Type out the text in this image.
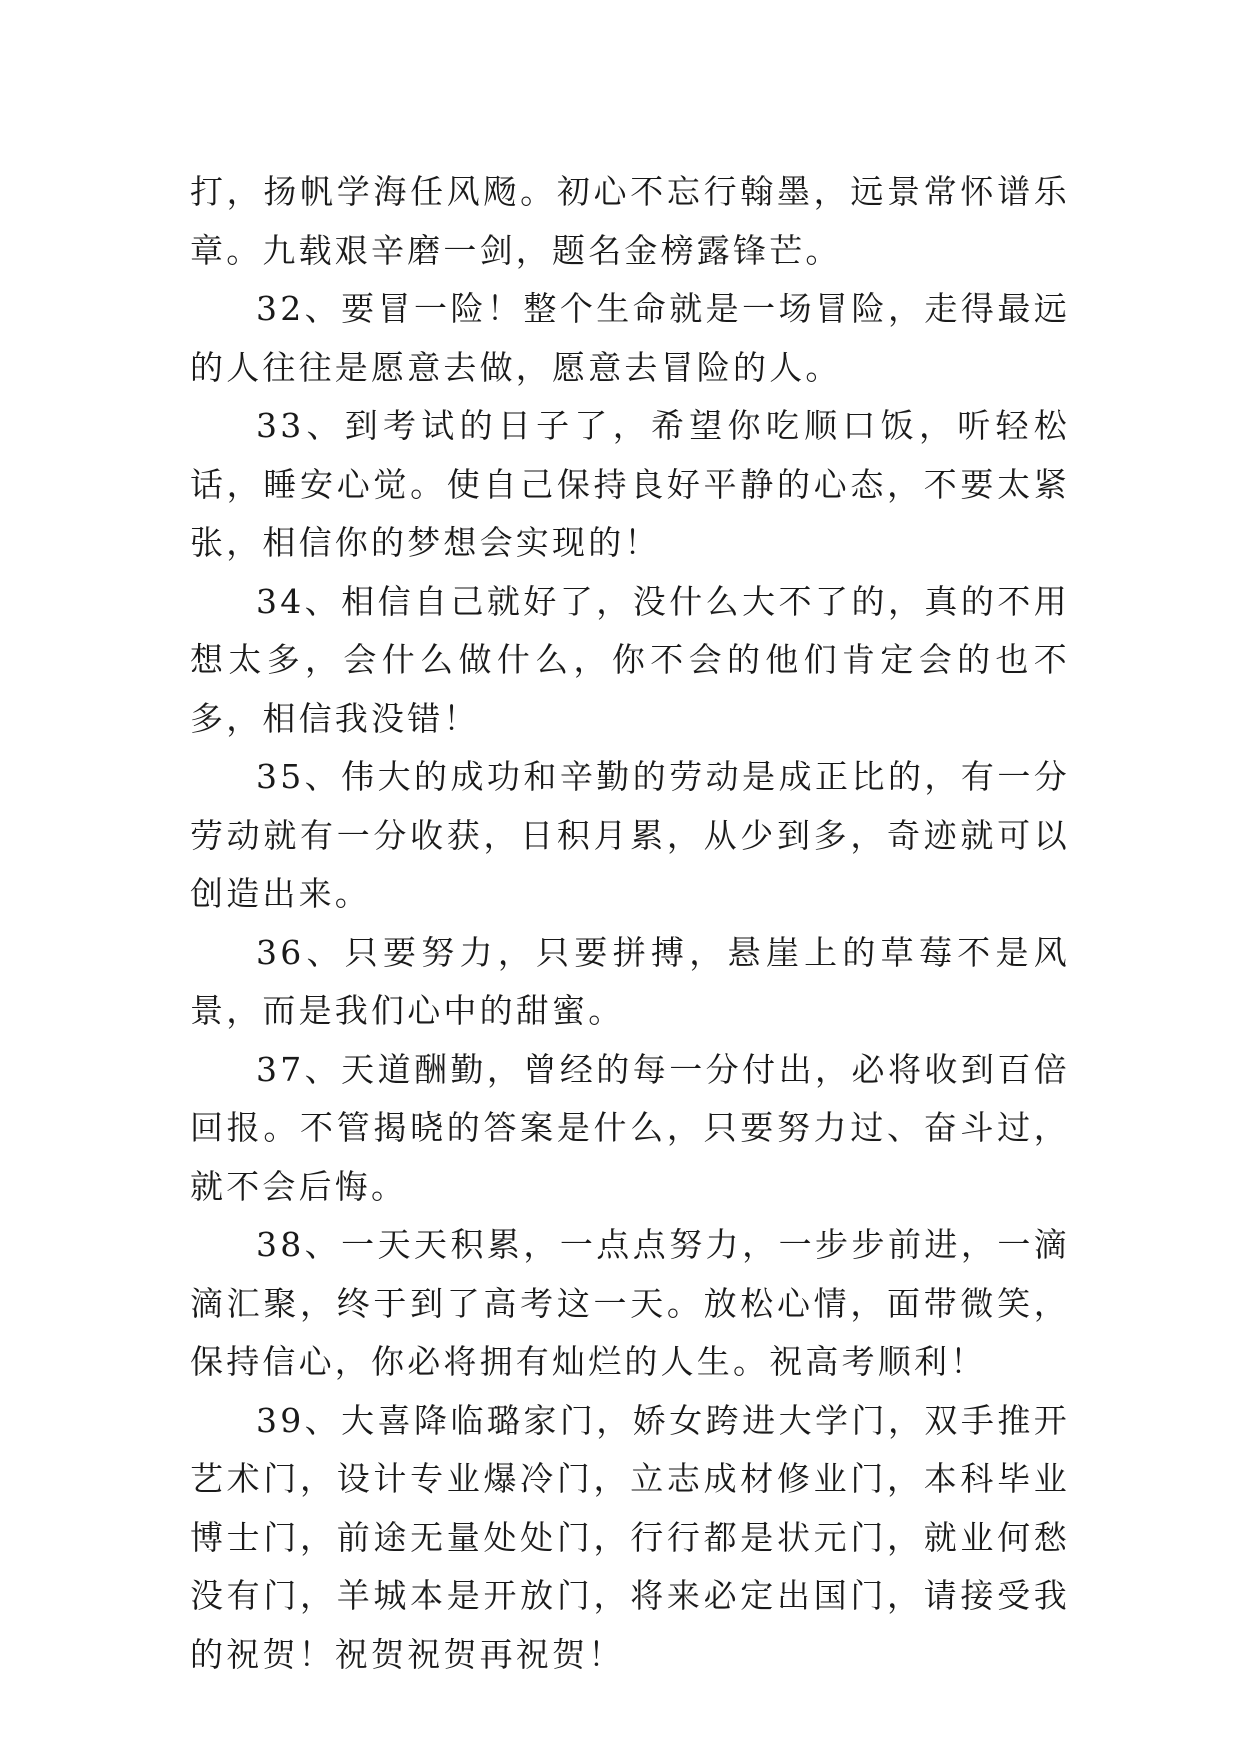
打，扬帆学海任风飏。初心不忘行翰墨，远景常怀谱乐章。九载艰辛磨一剑，题名金榜露锋芒。

32、要冒一险！整个生命就是一场冒险，走得最远的人往往是愿意去做，愿意去冒险的人。

33、到考试的日子了，希望你吃顺口饭，听轻松话，睡安心觉。使自己保持良好平静的心态，不要太紧张，相信你的梦想会实现的！

34、相信自己就好了，没什么大不了的，真的不用想太多，会什么做什么，你不会的他们肯定会的也不多，相信我没错！

35、伟大的成功和辛勤的劳动是成正比的，有一分劳动就有一分收获，日积月累，从少到多，奇迹就可以创造出来。

36、只要努力，只要拼搏，悬崖上的草莓不是风景，而是我们心中的甜蜜。

37、天道酬勤，曾经的每一分付出，必将收到百倍回报。不管揭晓的答案是什么，只要努力过、奋斗过，就不会后悔。

38、一天天积累，一点点努力，一步步前进，一滴滴汇聚，终于到了高考这一天。放松心情，面带微笑，保持信心，你必将拥有灿烂的人生。祝高考顺利！

39、大喜降临璐家门，娇女跨进大学门，双手推开艺术门，设计专业爆冷门，立志成材修业门，本科毕业博士门，前途无量处处门，行行都是状元门，就业何愁没有门，羊城本是开放门，将来必定出国门，请接受我的祝贺！祝贺祝贺再祝贺！
